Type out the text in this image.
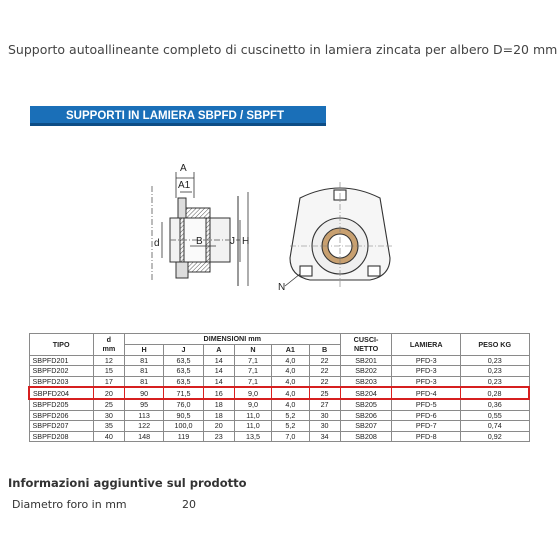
Supporto autoallineante completo di cuscinetto in lamiera zincata per albero D=20 mm
SUPPORTI IN LAMIERA SBPFD / SBPFT
A
A1
d	B	J H
N
TIPO	d
mm	DIMENSIONI mm						CUSCI-
NETTO	LAMIERA	PESO KG
		H	J	A	N	A1	B			
SBPFD201	12	81	63,5	14	7,1	4,0	22	SB201	PFD-3	0,23
SBPFD202	15	81	63,5	14	7,1	4,0	22	SB202	PFD-3	0,23
SBPFD203	17	81	63,5	14	7,1	4,0	22	SB203	PFD-3	0,23
SBPFD204	20	90	71,5	16	9,0	4,0	25	SB204	PFD-4	0,28
SBPFD205	25	95	76,0	18	9,0	4,0	27	SB205	PFD-5	0,36
SBPFD206	30	113	90,5	18	11,0	5,2	30	SB206	PFD-6	0,55
SBPFD207	35	122	100,0	20	11,0	5,2	30	SB207	PFD-7	0,74
SBPFD208	40	148	119	23	13,5	7,0	34	SB208	PFD-8	0,92
Informazioni aggiuntive sul prodotto
Diametro foro in mm	20
